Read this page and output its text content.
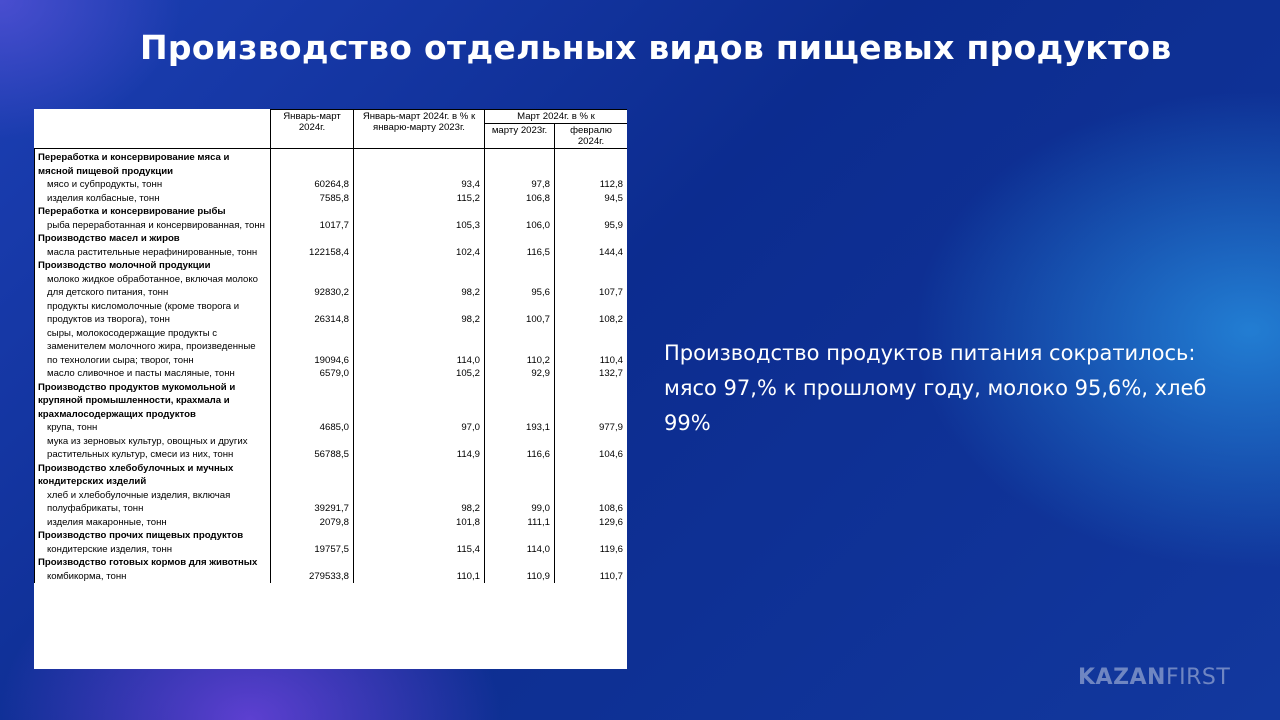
Производство отдельных видов пищевых продуктов
	Январь-март 2024г.	Январь-март 2024г. в % к январю-марту 2023г.	Март 2024г. в % к	
			марту 2023г.	февралю 2024г.
Переработка и консервирование мяса и мясной пищевой продукции				
мясо и субпродукты, тонн	60264,8	93,4	97,8	112,8
изделия колбасные, тонн	7585,8	115,2	106,8	94,5
Переработка и консервирование рыбы				
рыба переработанная и консервированная, тонн	1017,7	105,3	106,0	95,9
Производство масел и жиров				
масла растительные нерафинированные, тонн	122158,4	102,4	116,5	144,4
Производство молочной продукции				
молоко жидкое обработанное, включая молоко для детского питания, тонн	92830,2	98,2	95,6	107,7
продукты кисломолочные (кроме творога и продуктов из творога), тонн	26314,8	98,2	100,7	108,2
сыры, молокосодержащие продукты с заменителем молочного жира, произведенные по технологии сыра; творог, тонн	19094,6	114,0	110,2	110,4
масло сливочное и пасты масляные, тонн	6579,0	105,2	92,9	132,7
Производство продуктов мукомольной и крупяной промышленности, крахмала и крахмалосодержащих продуктов				
крупа, тонн	4685,0	97,0	193,1	977,9
мука из зерновых культур, овощных и других растительных культур, смеси из них, тонн	56788,5	114,9	116,6	104,6
Производство хлебобулочных и мучных кондитерских изделий				
хлеб и хлебобулочные изделия, включая полуфабрикаты, тонн	39291,7	98,2	99,0	108,6
изделия макаронные, тонн	2079,8	101,8	111,1	129,6
Производство прочих пищевых продуктов				
кондитерские изделия, тонн	19757,5	115,4	114,0	119,6
Производство готовых кормов для животных				
комбикорма, тонн	279533,8	110,1	110,9	110,7

Производство продуктов питания сократилось: мясо 97,% к прошлому году, молоко 95,6%, хлеб 99%

KAZANFIRST
